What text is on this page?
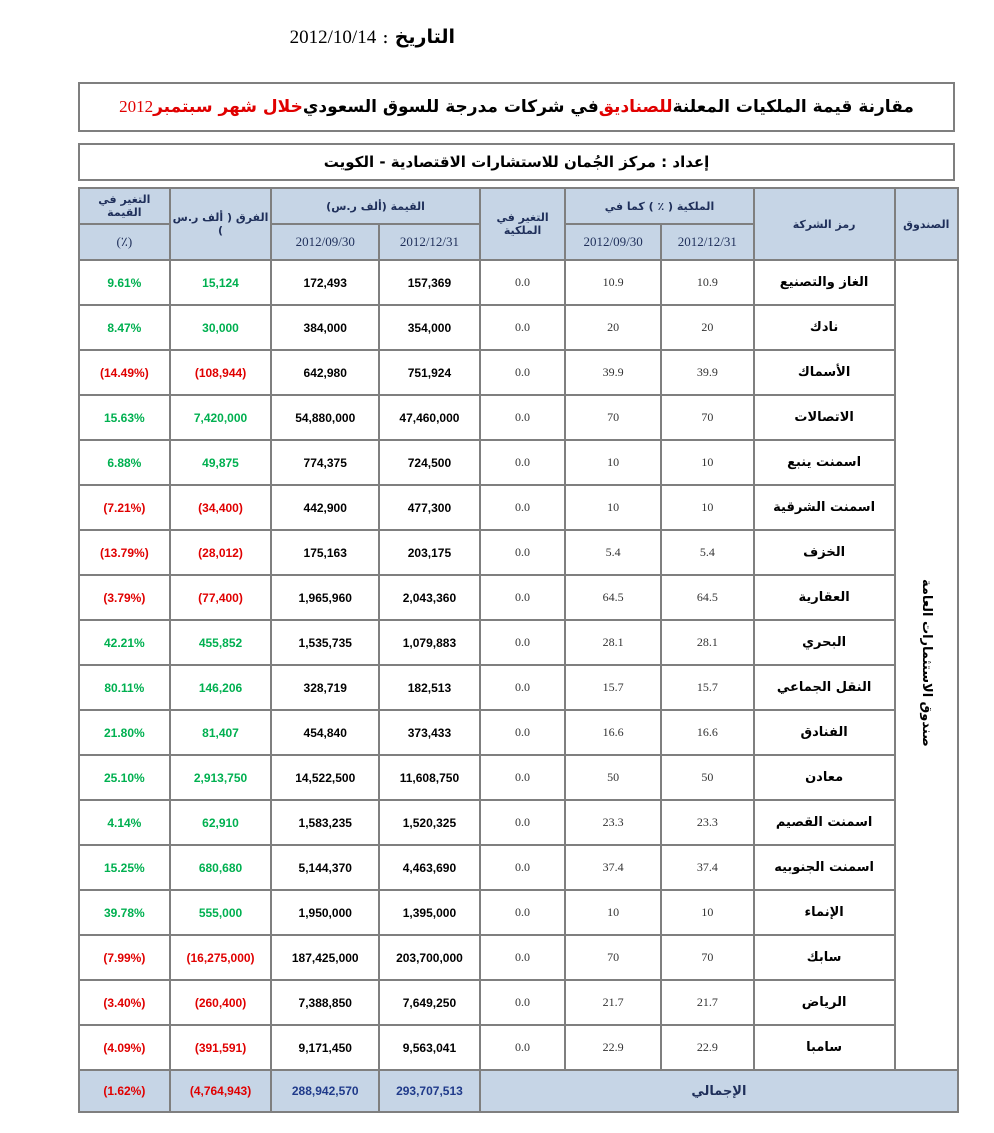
التاريخ : 2012/10/14
مقارنة قيمة الملكيات المعلنة
للصناديق
في شركات مدرجة للسوق السعودي
خلال شهر سبتمبر
2012
إعداد : مركز الجُمان للاستشارات الاقتصادية - الكويت
الصندوق	رمز الشركة	الملكية ( ٪ ) كما في		التغير في الملكية	القيمة (ألف ر.س)		الفرق ( ألف ر.س )	التغير في القيمة
		2012/12/31	2012/09/30		2012/12/31	2012/09/30		(٪)
صندوق الاستثمارات العامة	الغاز والتصنيع	10.9	10.9	0.0	157,369	172,493	15,124	9.61%
	نادك	20	20	0.0	354,000	384,000	30,000	8.47%
	الأسماك	39.9	39.9	0.0	751,924	642,980	(108,944)	(14.49%)
	الاتصالات	70	70	0.0	47,460,000	54,880,000	7,420,000	15.63%
	اسمنت ينبع	10	10	0.0	724,500	774,375	49,875	6.88%
	اسمنت الشرقية	10	10	0.0	477,300	442,900	(34,400)	(7.21%)
	الخزف	5.4	5.4	0.0	203,175	175,163	(28,012)	(13.79%)
	العقارية	64.5	64.5	0.0	2,043,360	1,965,960	(77,400)	(3.79%)
	البحري	28.1	28.1	0.0	1,079,883	1,535,735	455,852	42.21%
	النقل الجماعي	15.7	15.7	0.0	182,513	328,719	146,206	80.11%
	الفنادق	16.6	16.6	0.0	373,433	454,840	81,407	21.80%
	معادن	50	50	0.0	11,608,750	14,522,500	2,913,750	25.10%
	اسمنت القصيم	23.3	23.3	0.0	1,520,325	1,583,235	62,910	4.14%
	اسمنت الجنوبيه	37.4	37.4	0.0	4,463,690	5,144,370	680,680	15.25%
	الإنماء	10	10	0.0	1,395,000	1,950,000	555,000	39.78%
	سابك	70	70	0.0	203,700,000	187,425,000	(16,275,000)	(7.99%)
	الرياض	21.7	21.7	0.0	7,649,250	7,388,850	(260,400)	(3.40%)
	سامبا	22.9	22.9	0.0	9,563,041	9,171,450	(391,591)	(4.09%)
الإجمالي					293,707,513	288,942,570	(4,764,943)	(1.62%)
